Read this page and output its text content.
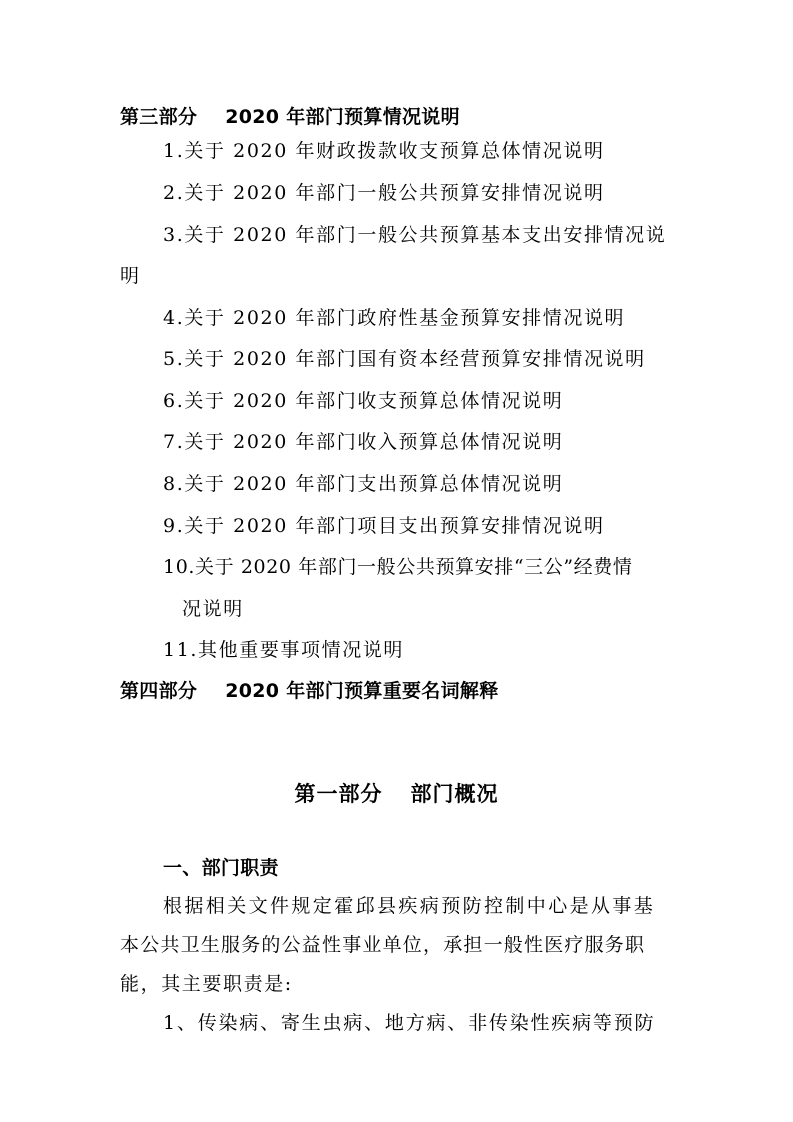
第三部分 2020 年部门预算情况说明
1.关于 2020 年财政拨款收支预算总体情况说明
2.关于 2020 年部门一般公共预算安排情况说明
3.关于 2020 年部门一般公共预算基本支出安排情况说
明
4.关于 2020 年部门政府性基金预算安排情况说明
5.关于 2020 年部门国有资本经营预算安排情况说明
6.关于 2020 年部门收支预算总体情况说明
7.关于 2020 年部门收入预算总体情况说明
8.关于 2020 年部门支出预算总体情况说明
9.关于 2020 年部门项目支出预算安排情况说明
10.关于 2020 年部门一般公共预算安排“三公”经费情
况说明
11.其他重要事项情况说明
第四部分 2020 年部门预算重要名词解释
第一部分 部门概况
一、部门职责
根据相关文件规定霍邱县疾病预防控制中心是从事基
本公共卫生服务的公益性事业单位，承担一般性医疗服务职
能，其主要职责是:
1、传染病、寄生虫病、地方病、非传染性疾病等预防
